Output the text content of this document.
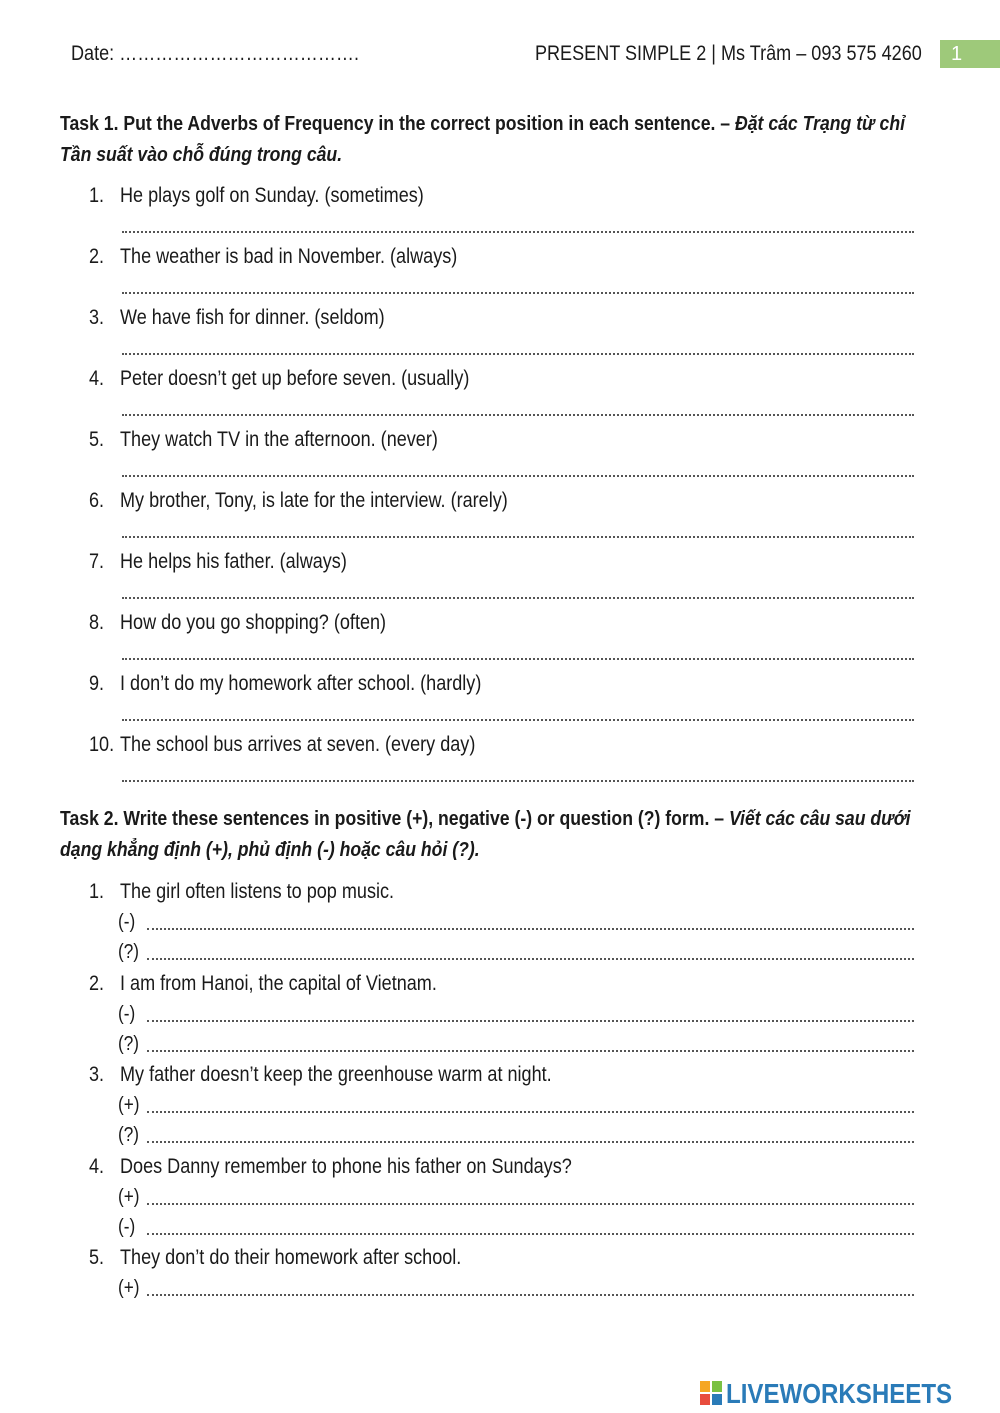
Date: ………………………………….	PRESENT SIMPLE 2 | Ms Trâm – 093 575 4260	1
Task 1. Put the Adverbs of Frequency in the correct position in each sentence. – Đặt các Trạng từ chỉ
Tần suất vào chỗ đúng trong câu.
1. He plays golf on Sunday. (sometimes)
2. The weather is bad in November. (always)
3. We have fish for dinner. (seldom)
4. Peter doesn’t get up before seven. (usually)
5. They watch TV in the afternoon. (never)
6. My brother, Tony, is late for the interview. (rarely)
7. He helps his father. (always)
8. How do you go shopping? (often)
9. I don’t do my homework after school. (hardly)
10. The school bus arrives at seven. (every day)
Task 2. Write these sentences in positive (+), negative (-) or question (?) form. – Viết các câu sau dưới
dạng khẳng định (+), phủ định (-) hoặc câu hỏi (?).
1. The girl often listens to pop music.
(-)
(?)
2. I am from Hanoi, the capital of Vietnam.
(-)
(?)
3. My father doesn’t keep the greenhouse warm at night.
(+)
(?)
4. Does Danny remember to phone his father on Sundays?
(+)
(-)
5. They don’t do their homework after school.
(+)
LIVEWORKSHEETS
